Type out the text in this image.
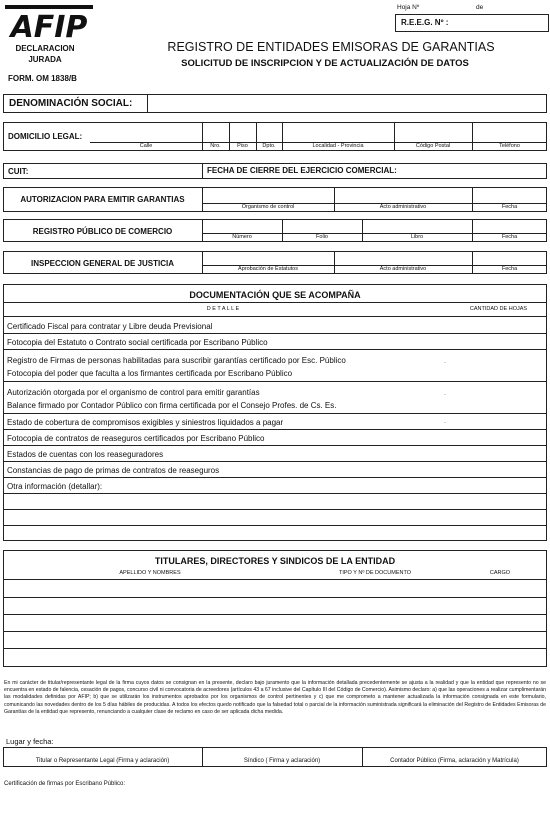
AFIP
Hoja Nº	de
R.E.E.G. Nº :
DECLARACION
JURADA
FORM. OM 1838/B
REGISTRO DE ENTIDADES EMISORAS DE GARANTIAS
SOLICITUD DE INSCRIPCION Y DE ACTUALIZACIÓN DE DATOS
DENOMINACIÓN SOCIAL:
DOMICILIO LEGAL:
Calle	Nro.	Piso	Dpto.	Localidad - Provincia	Código Postal	Teléfono
CUIT:	FECHA DE CIERRE DEL EJERCICIO COMERCIAL:
AUTORIZACION PARA EMITIR GARANTIAS
Organismo de control	Acto administrativo	Fecha
REGISTRO PÚBLICO DE COMERCIO
Número	Folio	Libro	Fecha
INSPECCION GENERAL DE JUSTICIA
Aprobación de Estatutos	Acto administrativo	Fecha
DOCUMENTACIÓN QUE SE ACOMPAÑA
D E T A L L E	CANTIDAD DE HOJAS
Certificado Fiscal para contratar y Libre deuda Previsional
Fotocopia del Estatuto o Contrato social certificada por Escribano Público
Registro de Firmas de personas habilitadas para suscribir garantías certificado por Esc. Público
Fotocopia del poder que faculta a los firmantes certificada por Escribano Público
Autorización otorgada por el organismo de control para emitir garantías
Balance firmado por Contador Público con firma certificada por el Consejo Profes. de Cs. Es.
Estado de cobertura de compromisos exigibles y siniestros liquidados a pagar
Fotocopia de contratos de reaseguros certificados por Escribano Público
Estados de cuentas con los reaseguradores
Constancias de pago de primas de contratos de reaseguros
Otra información (detallar):
·
·
·
TITULARES, DIRECTORES Y SINDICOS DE LA ENTIDAD
APELLIDO Y NOMBRES	TIPO Y Nº DE DOCUMENTO	CARGO
En mi carácter de titular/representante legal de la firma cuyos datos se consignan en la presente, declaro bajo juramento que la información detallada precedentemente se ajusta a la realidad y que la entidad que represento no se encuentra en estado de falencia, cesación de pagos, concurso civil ni convocatoria de acreedores (artículos 43 a 67 inclusive del Capítulo III del Código de Comercio). Asimismo declaro: a) que las operaciones a realizar cumplimentarán las modalidades definidas por AFIP; b) que se utilizarán los instrumentos aprobados por los organismos de control pertinentes y c) que me comprometo a mantener actualizada la información consignada en este formulario, comunicando las novedades dentro de los 5 días hábiles de producidas. A todos los efectos quedo notificado que la falsedad total o parcial de la información suministrada significará la eliminación del Registro de Entidades Emisoras de Garantías de la entidad que represento, renunciando a cualquier clase de reclamo en caso de ser aplicada dicha medida.
Lugar y fecha:
Titular o Representante Legal (Firma y aclaración)	Síndico ( Firma y aclaración)	Contador Público (Firma, aclaración y Matrícula)
Certificación de firmas por Escribano Público:
